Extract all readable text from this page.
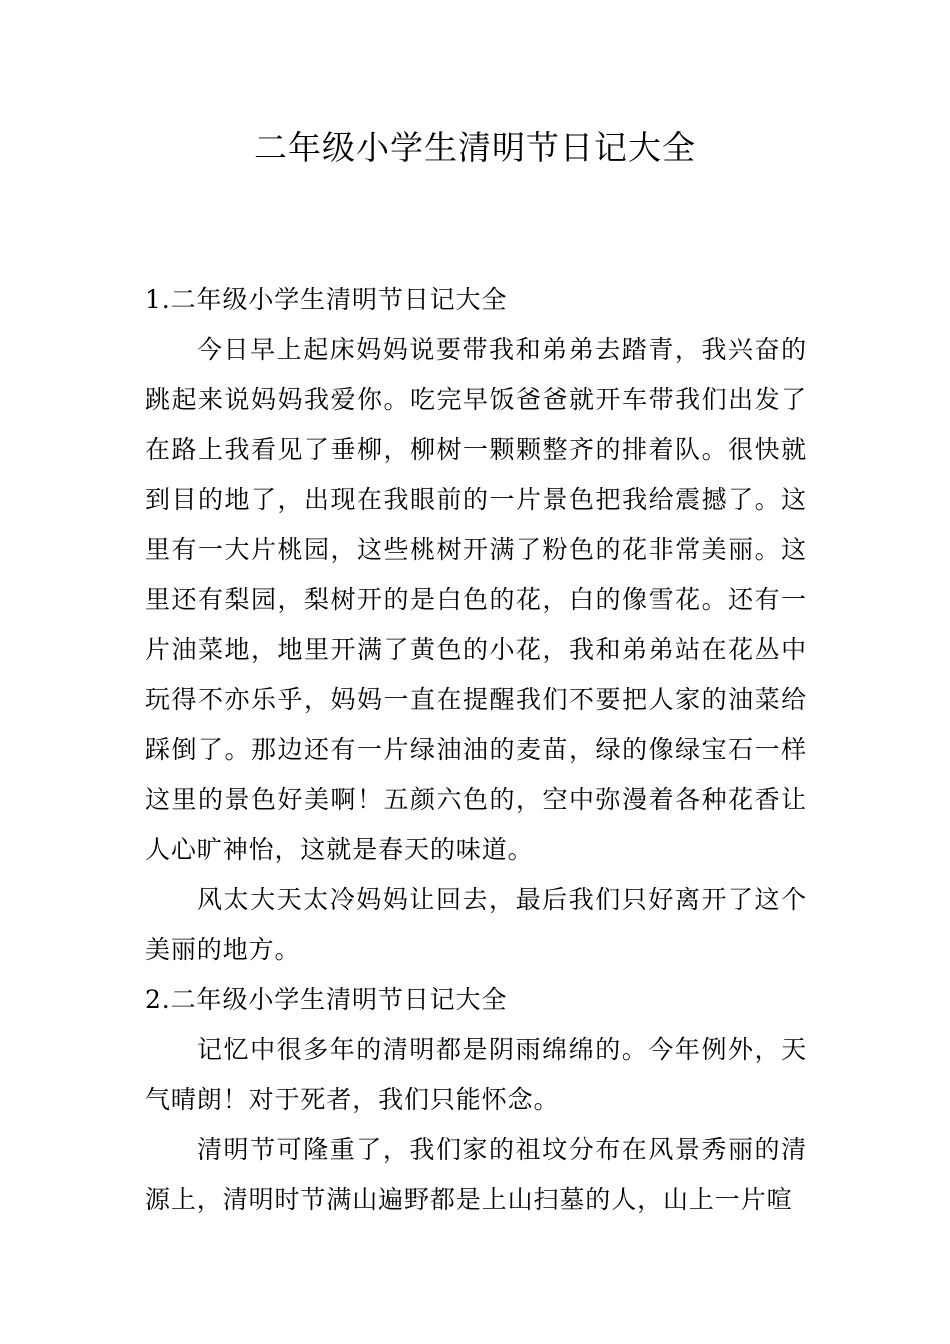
二年级小学生清明节日记大全
1.二年级小学生清明节日记大全

今日早上起床妈妈说要带我和弟弟去踏青，我兴奋的跳起来说妈妈我爱你。吃完早饭爸爸就开车带我们出发了在路上我看见了垂柳，柳树一颗颗整齐的排着队。很快就到目的地了，出现在我眼前的一片景色把我给震撼了。这里有一大片桃园，这些桃树开满了粉色的花非常美丽。这里还有梨园，梨树开的是白色的花，白的像雪花。还有一片油菜地，地里开满了黄色的小花，我和弟弟站在花丛中玩得不亦乐乎，妈妈一直在提醒我们不要把人家的油菜给踩倒了。那边还有一片绿油油的麦苗，绿的像绿宝石一样这里的景色好美啊！五颜六色的，空中弥漫着各种花香让人心旷神怡，这就是春天的味道。

风太大天太冷妈妈让回去，最后我们只好离开了这个美丽的地方。

2.二年级小学生清明节日记大全

记忆中很多年的清明都是阴雨绵绵的。今年例外，天气晴朗！对于死者，我们只能怀念。

清明节可隆重了，我们家的祖坟分布在风景秀丽的清源上，清明时节满山遍野都是上山扫墓的人，山上一片喧
